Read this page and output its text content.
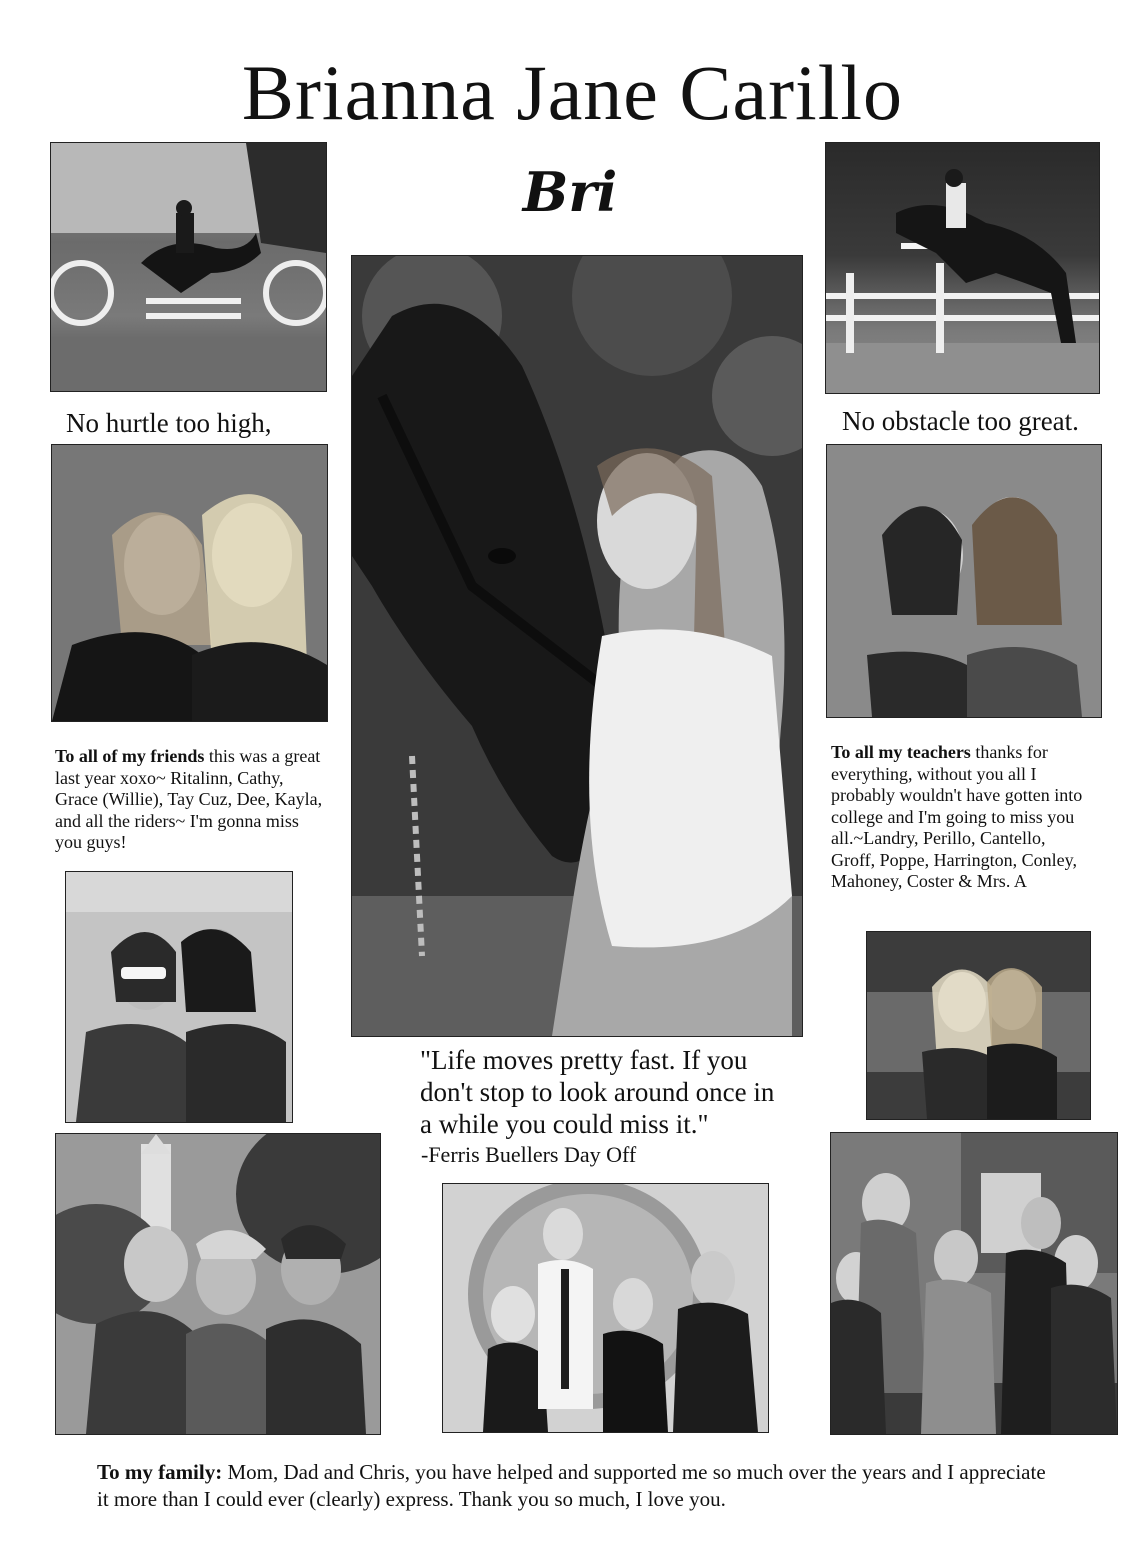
Brianna Jane Carillo
Bri
No hurtle too high,	No obstacle too great.
To all of my friends this was a great last year xoxo~ Ritalinn, Cathy, Grace (Willie), Tay Cuz, Dee, Kayla, and all the riders~ I'm gonna miss you guys!
To all my teachers thanks for everything, without you all I probably wouldn't have gotten into college and I'm going to miss you all.~Landry, Perillo, Cantello, Groff, Poppe, Harrington, Conley, Mahoney, Coster & Mrs. A
"Life moves pretty fast. If you don't stop to look around once in a while you could miss it."
-Ferris Buellers Day Off
To my family: Mom, Dad and Chris, you have helped and supported me so much over the years and I appreciate it more than I could ever (clearly) express. Thank you so much, I love you.
